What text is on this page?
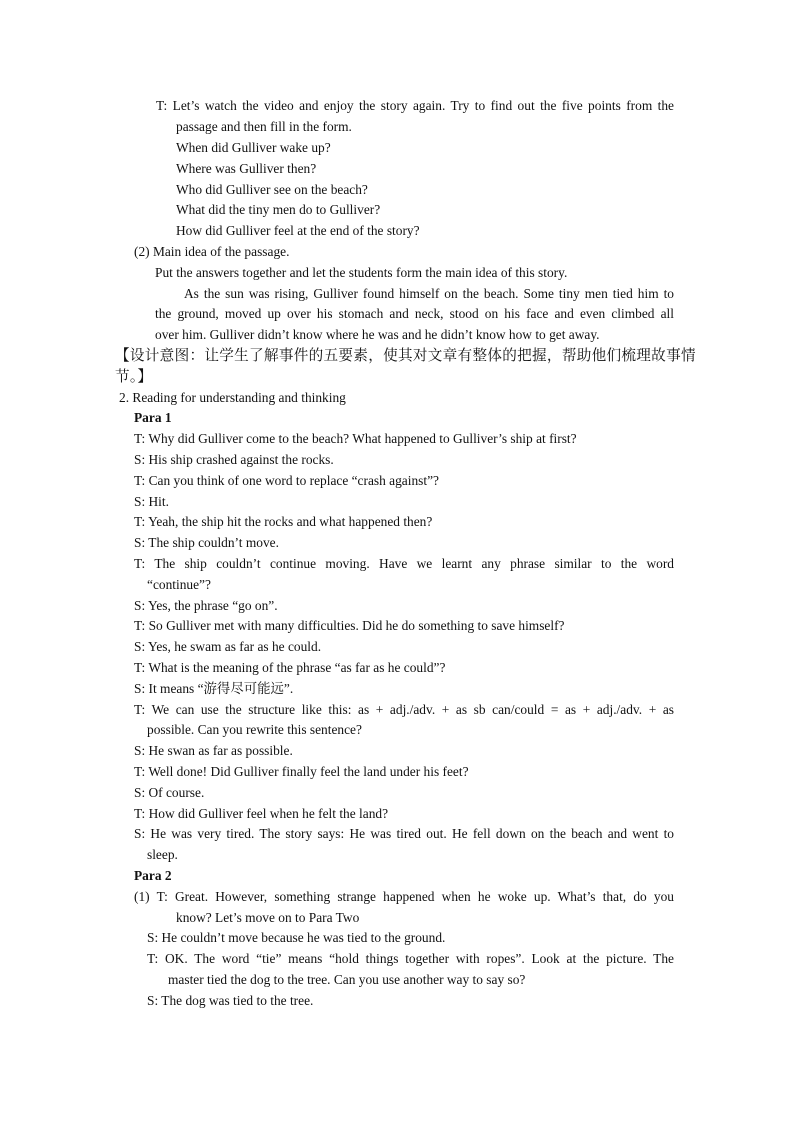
T: Let’s watch the video and enjoy the story again. Try to find out the five points from the
passage and then fill in the form.
When did Gulliver wake up?
Where was Gulliver then?
Who did Gulliver see on the beach?
What did the tiny men do to Gulliver?
How did Gulliver feel at the end of the story?
(2) Main idea of the passage.
Put the answers together and let the students form the main idea of this story.
As the sun was rising, Gulliver found himself on the beach. Some tiny men tied him to
the ground, moved up over his stomach and neck, stood on his face and even climbed all
over him. Gulliver didn’t know where he was and he didn’t know how to get away.
【设计意图：让学生了解事件的五要素，使其对文章有整体的把握，帮助他们梳理故事情
节。】
2. Reading for understanding and thinking
Para 1
T: Why did Gulliver come to the beach? What happened to Gulliver’s ship at first?
S: His ship crashed against the rocks.
T: Can you think of one word to replace “crash against”?
S: Hit.
T: Yeah, the ship hit the rocks and what happened then?
S: The ship couldn’t move.
T: The ship couldn’t continue moving. Have we learnt any phrase similar to the word
“continue”?
S: Yes, the phrase “go on”.
T: So Gulliver met with many difficulties. Did he do something to save himself?
S: Yes, he swam as far as he could.
T: What is the meaning of the phrase “as far as he could”?
S: It means “游得尽可能远”.
T: We can use the structure like this: as + adj./adv. + as sb can/could = as + adj./adv. + as
possible. Can you rewrite this sentence?
S: He swan as far as possible.
T: Well done! Did Gulliver finally feel the land under his feet?
S: Of course.
T: How did Gulliver feel when he felt the land?
S: He was very tired. The story says: He was tired out. He fell down on the beach and went to
sleep.
Para 2
(1) T: Great. However, something strange happened when he woke up. What’s that, do you
know? Let’s move on to Para Two
S: He couldn’t move because he was tied to the ground.
T: OK. The word “tie” means “hold things together with ropes”. Look at the picture. The
master tied the dog to the tree. Can you use another way to say so?
S: The dog was tied to the tree.
